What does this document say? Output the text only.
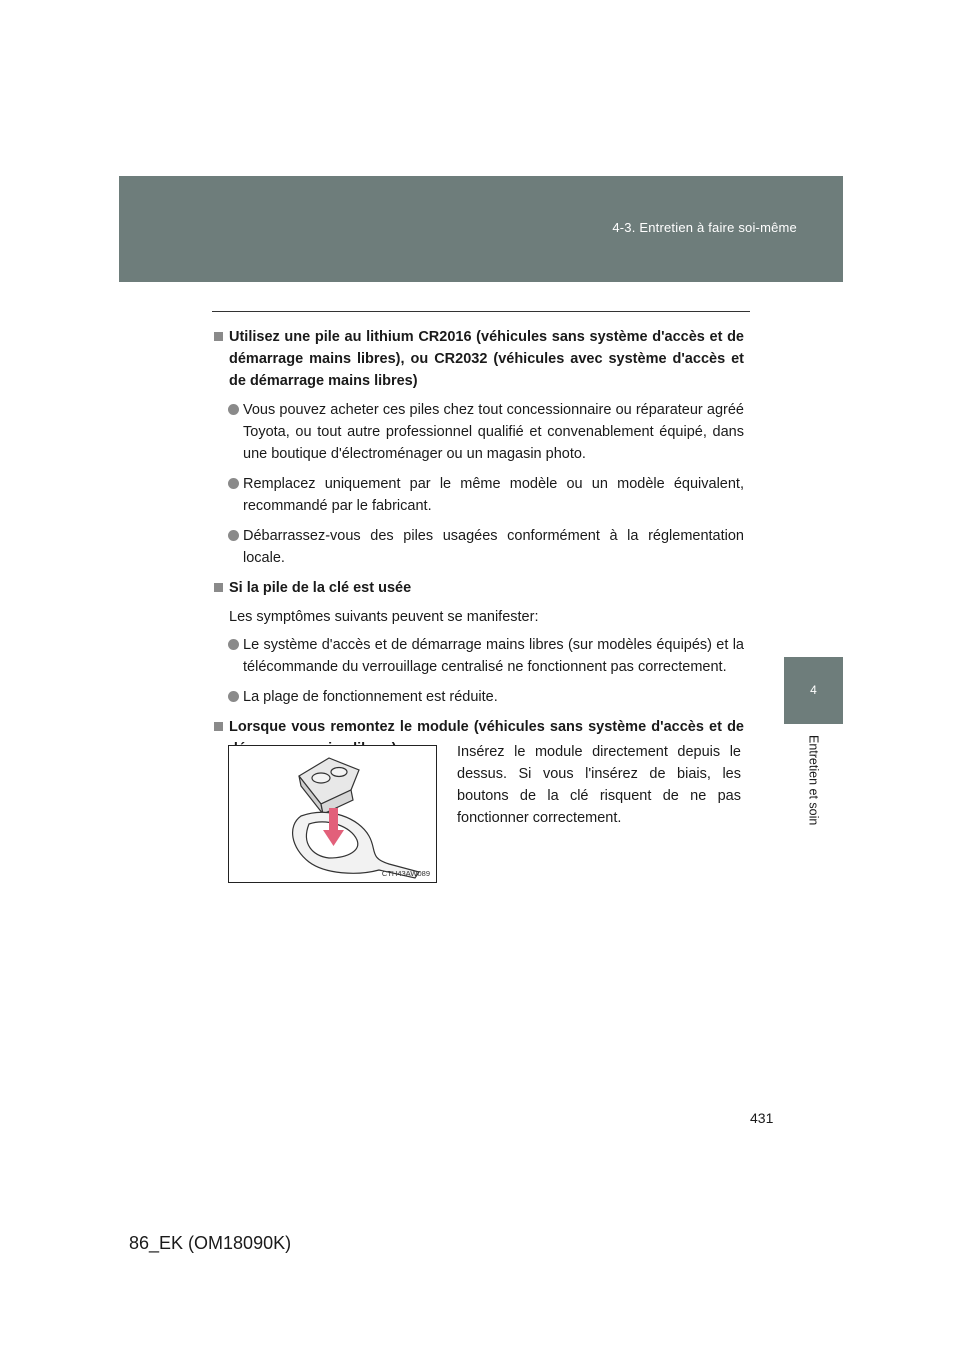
4-3. Entretien à faire soi-même
4
Entretien et soin
Utilisez une pile au lithium CR2016 (véhicules sans système d'accès et de démarrage mains libres), ou CR2032 (véhicules avec système d'accès et de démarrage mains libres)
Vous pouvez acheter ces piles chez tout concessionnaire ou réparateur agréé Toyota, ou tout autre professionnel qualifié et convenablement équipé, dans une boutique d'électroménager ou un magasin photo.
Remplacez uniquement par le même modèle ou un modèle équivalent, recommandé par le fabricant.
Débarrassez-vous des piles usagées conformément à la réglementation locale.
Si la pile de la clé est usée
Les symptômes suivants peuvent se manifester:
Le système d'accès et de démarrage mains libres (sur modèles équipés) et la télécommande du verrouillage centralisé ne fonctionnent pas correctement.
La plage de fonctionnement est réduite.
Lorsque vous remontez le module (véhicules sans système d'accès et de
CTH43AW089
Insérez le module directement depuis le dessus. Si vous l'insérez de biais, les boutons de la clé risquent de ne pas fonctionner correctement.
431
86_EK (OM18090K)
